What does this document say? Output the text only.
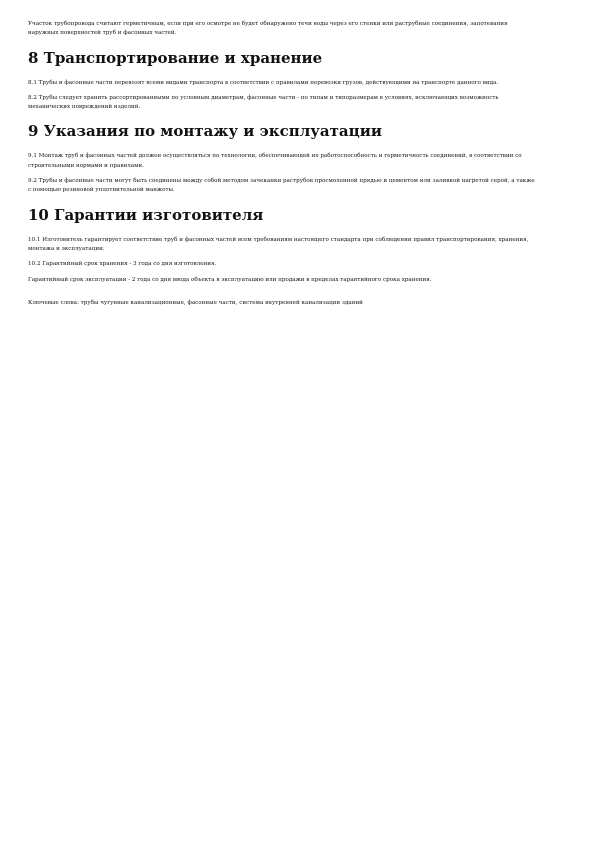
Участок трубопровода считают герметичным, если при его осмотре не будет обнаружено течи воды через его стенки или раструбные соединения, запотевания наружных поверхностей труб и фасонных частей.

8 Транспортирование и хранение

8.1 Трубы и фасонные части перевозят всеми видами транспорта в соответствии с правилами перевозки грузов, действующими на транспорте данного вида.

8.2 Трубы следует хранить рассортированными по условным диаметрам, фасонные части - по типам и типоразмерам в условиях, исключающих возможность механических повреждений изделий.

9 Указания по монтажу и эксплуатации

9.1 Монтаж труб и фасонных частей должен осуществляться по технологии, обеспечивающей их работоспособность и герметичность соединений, в соответствии со строительными нормами и правилами.

9.2 Трубы и фасонные части могут быть соединены между собой методом зачеканки раструбов просмоленной прядью и цементом или заливкой нагретой серой, а также с помощью резиновой уплотнительной манжеты.

10 Гарантии изготовителя

10.1 Изготовитель гарантирует соответствие труб и фасонных частей всем требованиям настоящего стандарта при соблюдении правил транспортирования, хранения, монтажа и эксплуатации.

10.2 Гарантийный срок хранения - 3 года со дня изготовления.

Гарантийный срок эксплуатации - 2 года со дня ввода объекта в эксплуатацию или продажи в пределах гарантийного срока хранения.

Ключевые слова: трубы чугунные канализационные, фасонные части, система внутренней канализации зданий
